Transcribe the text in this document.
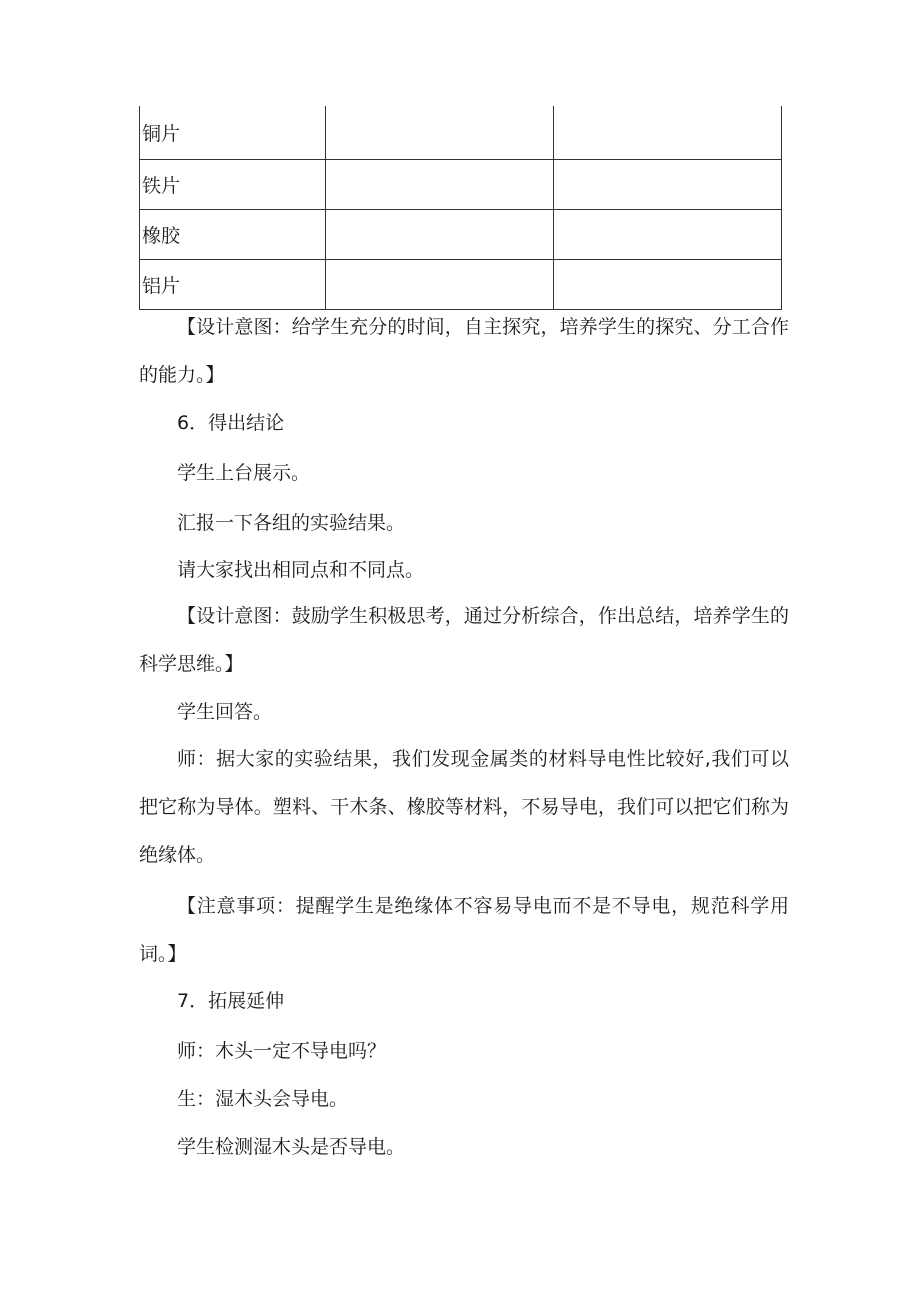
铜片		
铁片		
橡胶		
铝片		

【设计意图：给学生充分的时间，自主探究，培养学生的探究、分工合作的能力。】

6．得出结论

学生上台展示。

汇报一下各组的实验结果。

请大家找出相同点和不同点。

【设计意图：鼓励学生积极思考，通过分析综合，作出总结，培养学生的科学思维。】

学生回答。

师：据大家的实验结果，我们发现金属类的材料导电性比较好,我们可以把它称为导体。塑料、干木条、橡胶等材料，不易导电，我们可以把它们称为绝缘体。

【注意事项：提醒学生是绝缘体不容易导电而不是不导电，规范科学用词。】

7．拓展延伸

师：木头一定不导电吗？

生：湿木头会导电。

学生检测湿木头是否导电。
